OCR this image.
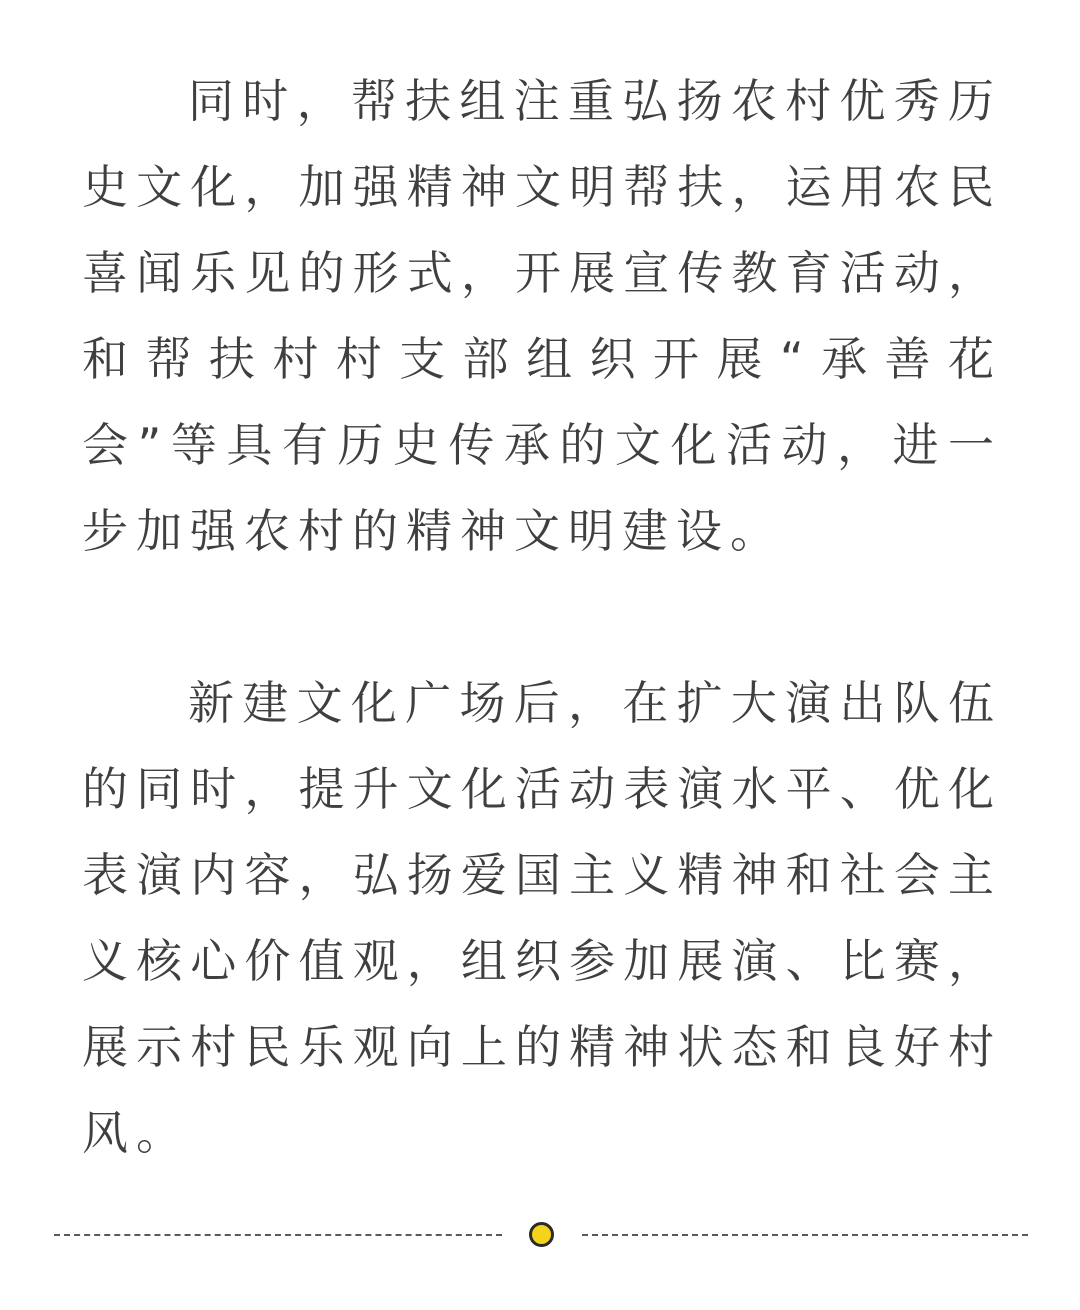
同时，帮扶组注重弘扬农村优秀历史文化，加强精神文明帮扶，运用农民喜闻乐见的形式，开展宣传教育活动，和帮扶村村支部组织开展“承善花会”等具有历史传承的文化活动，进一步加强农村的精神文明建设。

新建文化广场后，在扩大演出队伍的同时，提升文化活动表演水平、优化表演内容，弘扬爱国主义精神和社会主义核心价值观，组织参加展演、比赛，展示村民乐观向上的精神状态和良好村风。
